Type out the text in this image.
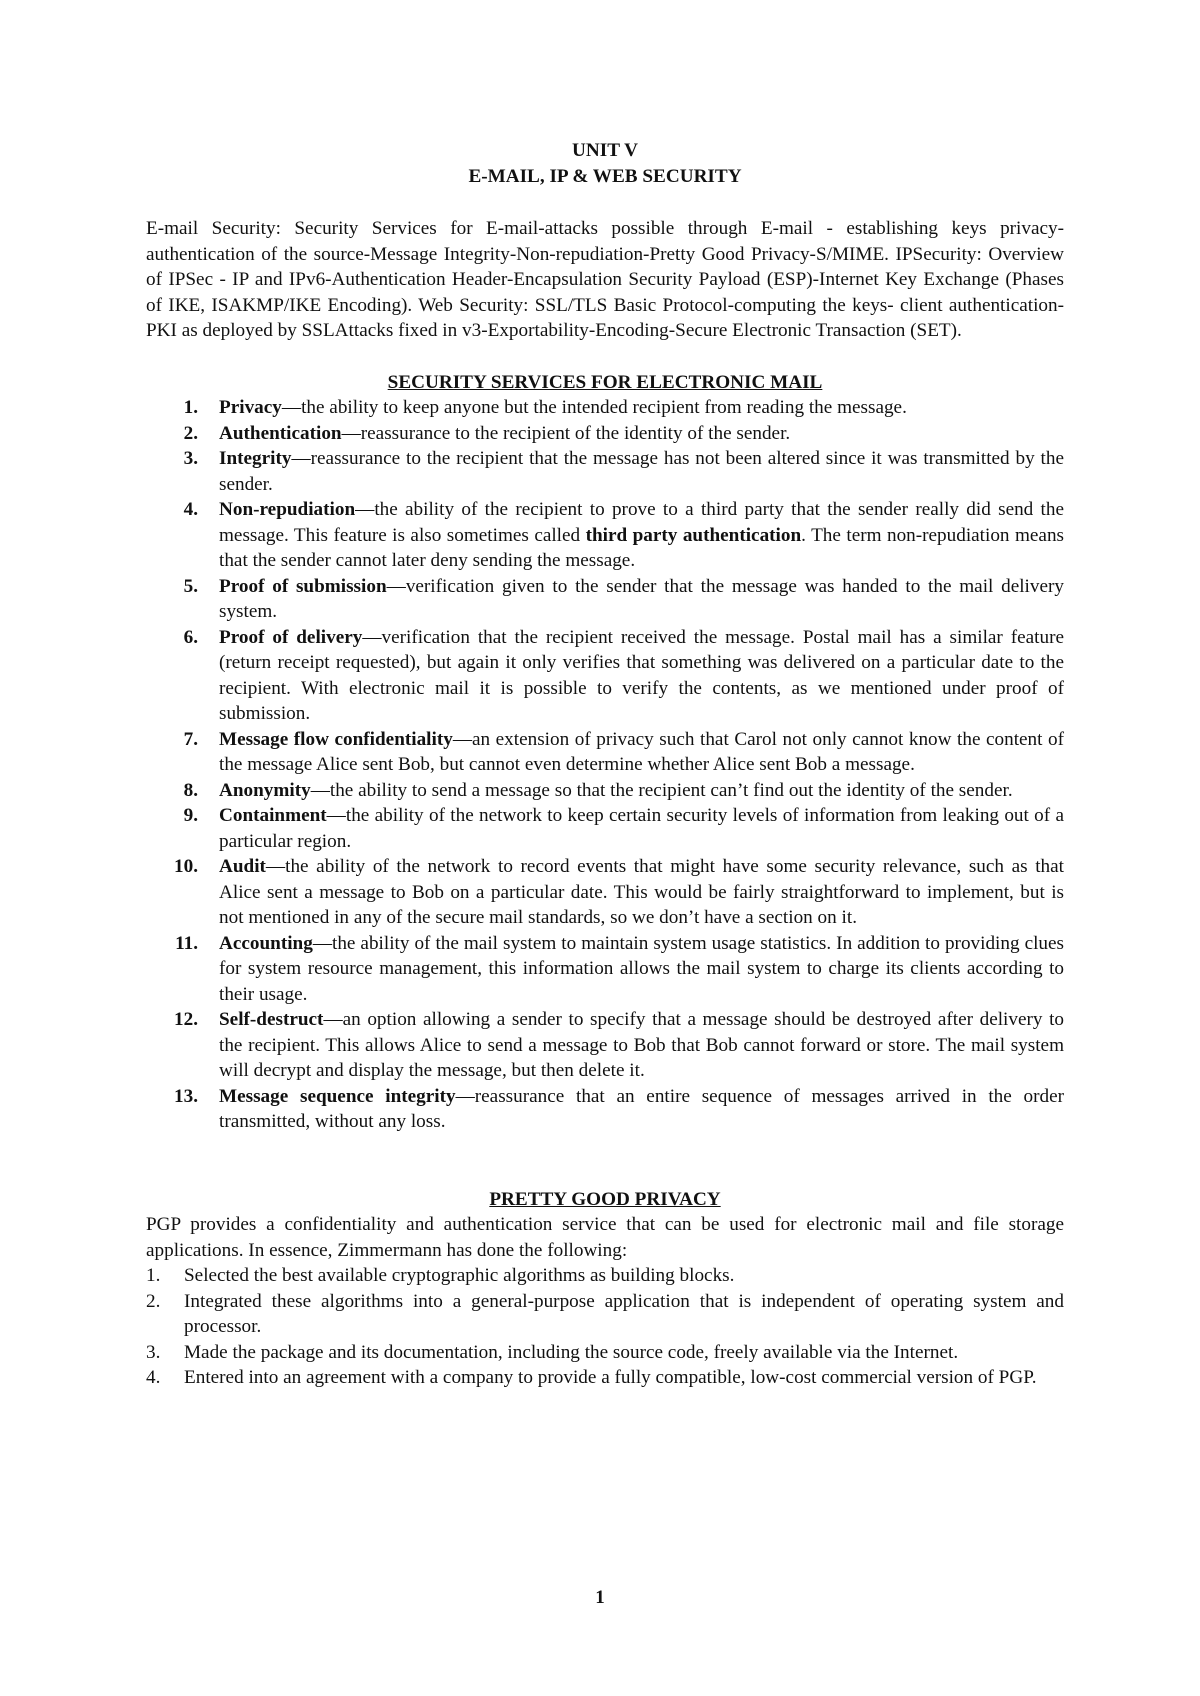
UNIT V
E-MAIL, IP & WEB SECURITY

E-mail Security: Security Services for E-mail-attacks possible through E-mail - establishing keys privacy-authentication of the source-Message Integrity-Non-repudiation-Pretty Good Privacy-S/MIME. IPSecurity: Overview of IPSec - IP and IPv6-Authentication Header-Encapsulation Security Payload (ESP)-Internet Key Exchange (Phases of IKE, ISAKMP/IKE Encoding). Web Security: SSL/TLS Basic Protocol-computing the keys- client authentication-PKI as deployed by SSLAttacks fixed in v3-Exportability-Encoding-Secure Electronic Transaction (SET).

SECURITY SERVICES FOR ELECTRONIC MAIL
1. Privacy—the ability to keep anyone but the intended recipient from reading the message.
2. Authentication—reassurance to the recipient of the identity of the sender.
3. Integrity—reassurance to the recipient that the message has not been altered since it was transmitted by the sender.
4. Non-repudiation—the ability of the recipient to prove to a third party that the sender really did send the message. This feature is also sometimes called third party authentication. The term non-repudiation means that the sender cannot later deny sending the message.
5. Proof of submission—verification given to the sender that the message was handed to the mail delivery system.
6. Proof of delivery—verification that the recipient received the message. Postal mail has a similar feature (return receipt requested), but again it only verifies that something was delivered on a particular date to the recipient. With electronic mail it is possible to verify the contents, as we mentioned under proof of submission.
7. Message flow confidentiality—an extension of privacy such that Carol not only cannot know the content of the message Alice sent Bob, but cannot even determine whether Alice sent Bob a message.
8. Anonymity—the ability to send a message so that the recipient can’t find out the identity of the sender.
9. Containment—the ability of the network to keep certain security levels of information from leaking out of a particular region.
10. Audit—the ability of the network to record events that might have some security relevance, such as that Alice sent a message to Bob on a particular date. This would be fairly straightforward to implement, but is not mentioned in any of the secure mail standards, so we don’t have a section on it.
11. Accounting—the ability of the mail system to maintain system usage statistics. In addition to providing clues for system resource management, this information allows the mail system to charge its clients according to their usage.
12. Self-destruct—an option allowing a sender to specify that a message should be destroyed after delivery to the recipient. This allows Alice to send a message to Bob that Bob cannot forward or store. The mail system will decrypt and display the message, but then delete it.
13. Message sequence integrity—reassurance that an entire sequence of messages arrived in the order transmitted, without any loss.
PRETTY GOOD PRIVACY

PGP provides a confidentiality and authentication service that can be used for electronic mail and file storage applications. In essence, Zimmermann has done the following:

1. Selected the best available cryptographic algorithms as building blocks.
2. Integrated these algorithms into a general-purpose application that is independent of operating system and processor.
3. Made the package and its documentation, including the source code, freely available via the Internet.
4. Entered into an agreement with a company to provide a fully compatible, low-cost commercial version of PGP.
1
